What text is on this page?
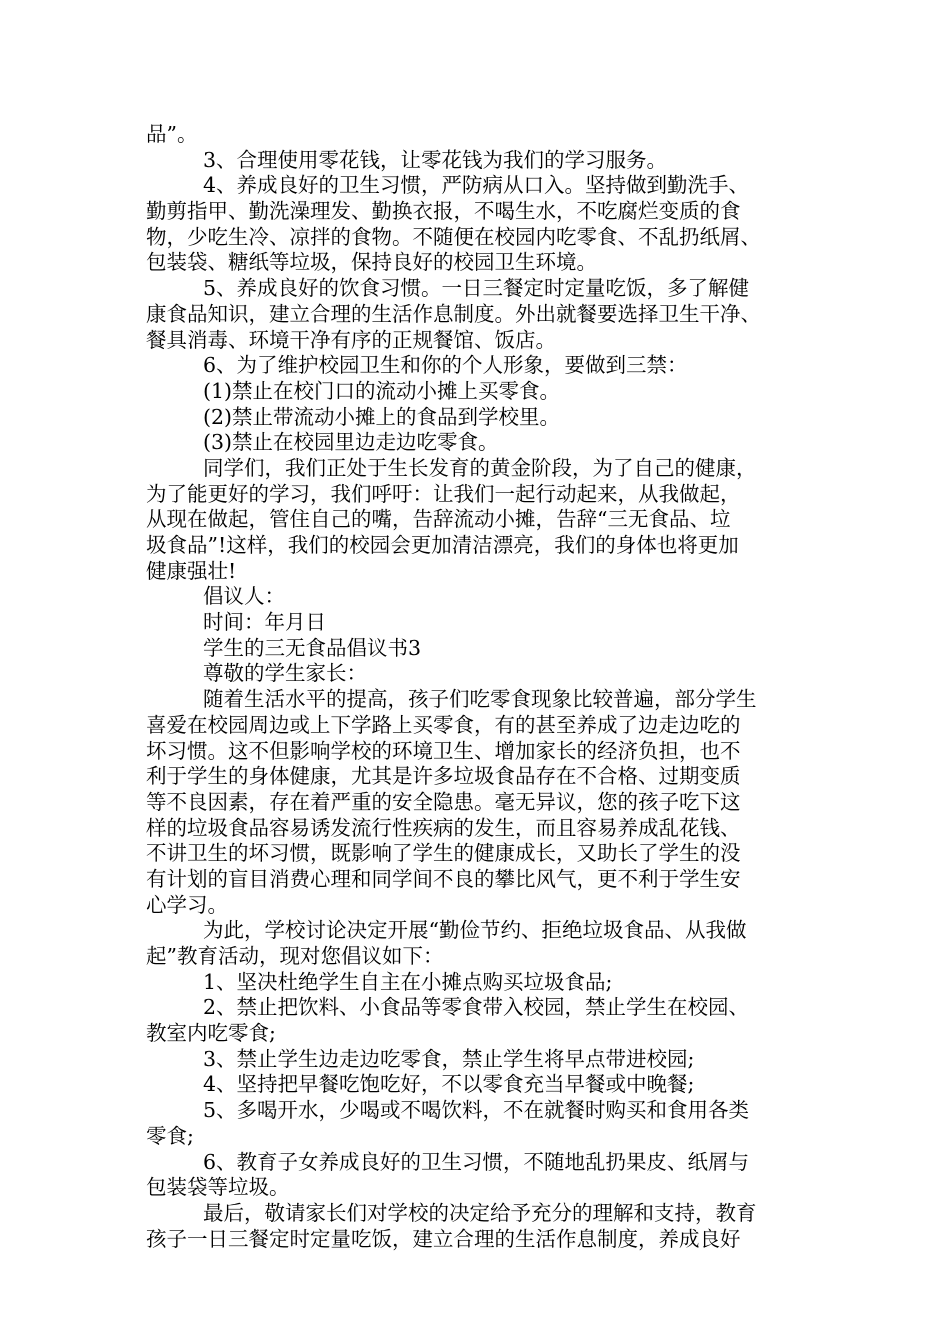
品”。
3、合理使用零花钱，让零花钱为我们的学习服务。
4、养成良好的卫生习惯，严防病从口入。坚持做到勤洗手、
勤剪指甲、勤洗澡理发、勤换衣报，不喝生水，不吃腐烂变质的食
物，少吃生冷、凉拌的食物。不随便在校园内吃零食、不乱扔纸屑、
包装袋、糖纸等垃圾，保持良好的校园卫生环境。
5、养成良好的饮食习惯。一日三餐定时定量吃饭，多了解健
康食品知识，建立合理的生活作息制度。外出就餐要选择卫生干净、
餐具消毒、环境干净有序的正规餐馆、饭店。
6、为了维护校园卫生和你的个人形象，要做到三禁：
(1)禁止在校门口的流动小摊上买零食。
(2)禁止带流动小摊上的食品到学校里。
(3)禁止在校园里边走边吃零食。
同学们，我们正处于生长发育的黄金阶段，为了自己的健康，
为了能更好的学习，我们呼吁：让我们一起行动起来，从我做起，
从现在做起，管住自己的嘴，告辞流动小摊，告辞“三无食品、垃
圾食品”!这样，我们的校园会更加清洁漂亮，我们的身体也将更加
健康强壮!
倡议人：
时间：年月日
学生的三无食品倡议书3
尊敬的学生家长：
随着生活水平的提高，孩子们吃零食现象比较普遍，部分学生
喜爱在校园周边或上下学路上买零食，有的甚至养成了边走边吃的
坏习惯。这不但影响学校的环境卫生、增加家长的经济负担，也不
利于学生的身体健康，尤其是许多垃圾食品存在不合格、过期变质
等不良因素，存在着严重的安全隐患。毫无异议，您的孩子吃下这
样的垃圾食品容易诱发流行性疾病的发生，而且容易养成乱花钱、
不讲卫生的坏习惯，既影响了学生的健康成长，又助长了学生的没
有计划的盲目消费心理和同学间不良的攀比风气，更不利于学生安
心学习。
为此，学校讨论决定开展“勤俭节约、拒绝垃圾食品、从我做
起”教育活动，现对您倡议如下：
1、坚决杜绝学生自主在小摊点购买垃圾食品;
2、禁止把饮料、小食品等零食带入校园，禁止学生在校园、
教室内吃零食;
3、禁止学生边走边吃零食，禁止学生将早点带进校园;
4、坚持把早餐吃饱吃好，不以零食充当早餐或中晚餐;
5、多喝开水，少喝或不喝饮料，不在就餐时购买和食用各类
零食;
6、教育子女养成良好的卫生习惯，不随地乱扔果皮、纸屑与
包装袋等垃圾。
最后，敬请家长们对学校的决定给予充分的理解和支持，教育
孩子一日三餐定时定量吃饭，建立合理的生活作息制度，养成良好
